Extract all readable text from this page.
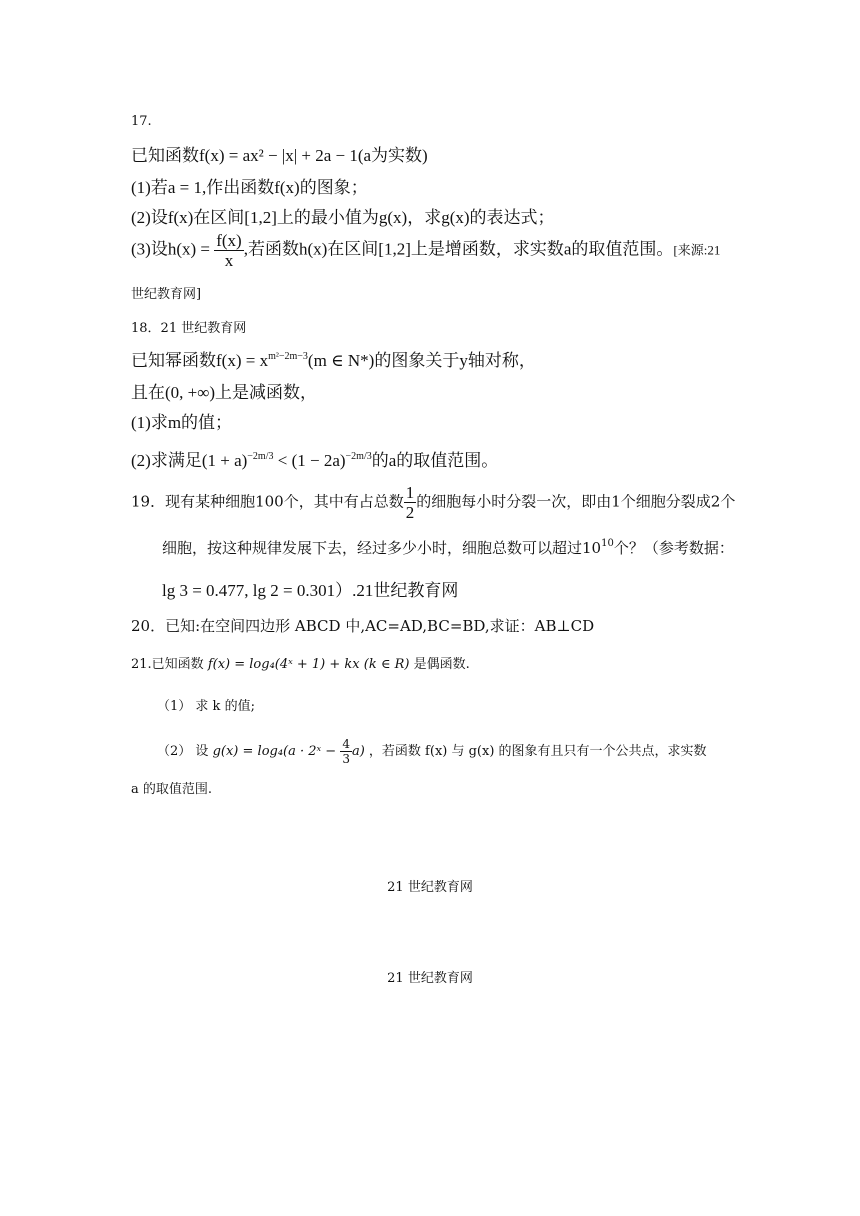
17.
已知函数f(x) = ax² − |x| + 2a − 1(a为实数)
(1)若a = 1,作出函数f(x)的图象；
(2)设f(x)在区间[1,2]上的最小值为g(x)，求g(x)的表达式；
(3)设$h(x) = \frac{f(x)}{x}$ ,若函数h(x)在区间[1,2]上是增函数，求实数a的取值范围。[来源:21
世纪教育网]
18．21 世纪教育网
已知幂函数$f(x) = x^{m^2-2m-3}(m$ ∈ N*)的图象关于y轴对称，
且在(0, +∞)上是减函数，
(1)求m的值；
(2)求满足$(1 + a)^{-2m/3} < (1 - 2a)^{-2m/3}$的a的取值范围。
19．现有某种细胞100个，其中有占总数 $\frac{1}{2}$ 的细胞每小时分裂一次，即由1个细胞分裂成2个
细胞，按这种规律发展下去，经过多少小时，细胞总数可以超过$10^{10}$个？（参考数据：
lg 3 = 0.477, lg 2 = 0.301）.21世纪教育网
20．已知:在空间四边形 ABCD 中,AC=AD,BC=BD,求证：AB⊥CD
21.已知函数 f(x) = log₄(4ˣ + 1) + kx (k ∈ R) 是偶函数.
（1） 求 k 的值;
（2） 设 g(x) = log₄(a · 2ˣ − $\frac{4}{3} a$) ，若函数 f(x) 与 g(x) 的图象有且只有一个公共点，求实数
a 的取值范围.
21 世纪教育网
21 世纪教育网
